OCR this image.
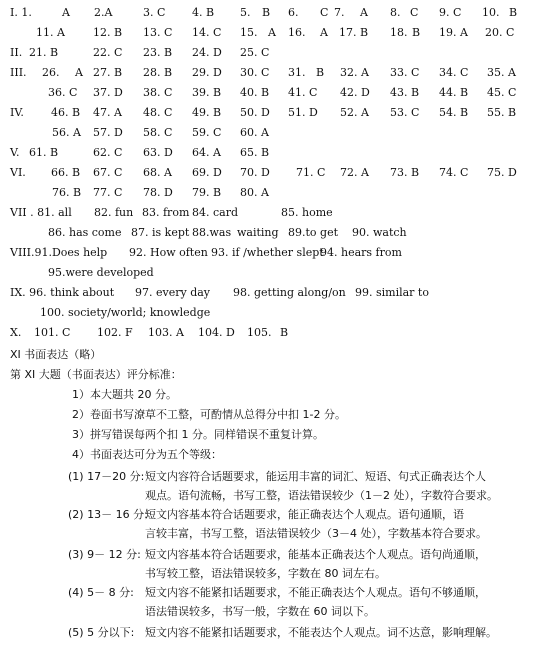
I. 1.	A 2.A	3. C 4. B 5. B 6. C 7. A 8. C 9. C 10. B
11. A	12. B 13. C 14. C 15. A 16. A 17. B 18. B 19. A 20. C
II. 21. B	22. C 23. B 24. D 25. C
III. 26. A 27. B 28. B 29. D 30. C 31. B 32. A 33. C 34. C 35. A
36. C 37. D 38. C 39. B 40. B 41. C 42. D 43. B 44. B 45. C
IV. 46. B 47. A 48. C 49. B 50. D 51. D 52. A 53. C 54. B 55. B
56. A 57. D 58. C 59. C 60. A
V. 61. B	62. C 63. D 64. A 65. B
VI. 66. B 67. C 68. A 69. D 70. D 71. C 72. A 73. B 74. C 75. D
76. B 77. C 78. D 79. B 80. A
VII . 81. all 82. fun 83. from 84. card	85. home
86. has come 87. is kept 88.was waiting 89.to get 90. watch
VIII.91.Does help 92. How often 93. if /whether slept
94. hears from
95.were developed
IX. 96. think about 97. every day 98. getting along/on 99. similar to
100. society/world; knowledge
X. 101. C 102. F 103. A 104. D 105. B
XI 书面表达（略）
第 XI 大题（书面表达）评分标准：
1）本大题共 20 分。
2）卷面书写潦草不工整，可酌情从总得分中扣 1-2 分。
3）拼写错误每两个扣 1 分。同样错误不重复计算。
4）书面表达可分为五个等级：
(1) 17－20 分: 短文内容符合话题要求，能运用丰富的词汇、短语、句式正确表达个人
观点。语句流畅，书写工整，语法错误较少（1－2 处），字数符合要求。
(2) 13－ 16 分:
短文内容基本符合话题要求，能正确表达个人观点。语句通顺，语
言较丰富，书写工整，语法错误较少（3－4 处），字数基本符合要求。
(3) 9－ 12 分: 短文内容基本符合话题要求，能基本正确表达个人观点。语句尚通顺，
书写较工整，语法错误较多，字数在 80 词左右。
(4) 5－ 8 分: 短文内容不能紧扣话题要求，不能正确表达个人观点。语句不够通顺，
语法错误较多，书写一般，字数在 60 词以下。
(5) 5 分以下: 短文内容不能紧扣话题要求，不能表达个人观点。词不达意，影响理解。
